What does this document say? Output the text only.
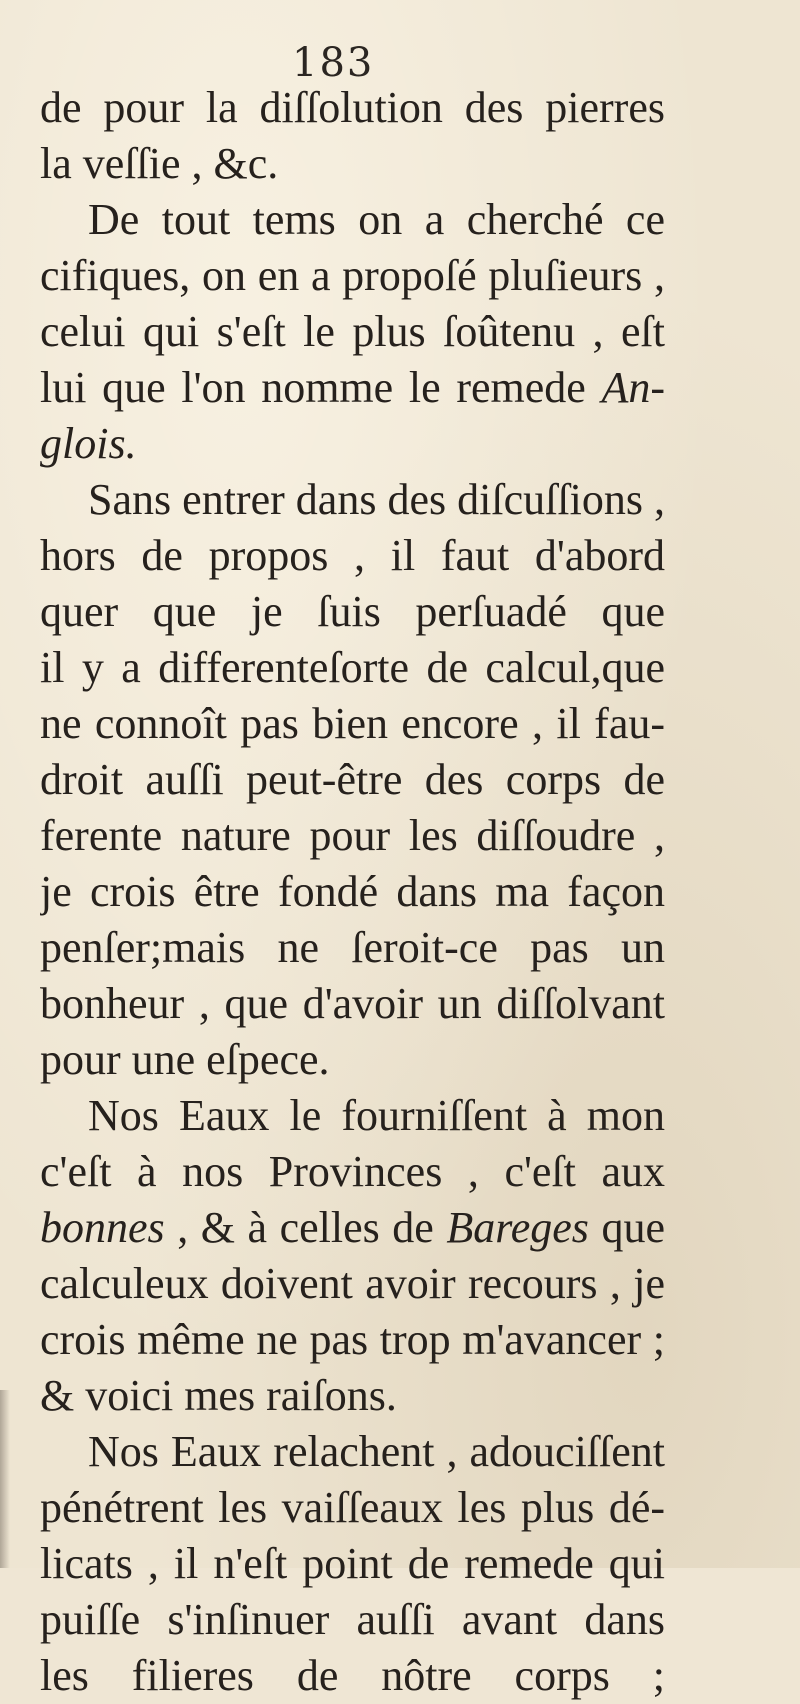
183
de pour la diſſolution des pierres
la veſſie , &c.
De tout tems on a cherché ce
cifiques, on en a propoſé pluſieurs ,
celui qui s'eſt le plus ſoûtenu , eſt
lui que l'on nomme le remede An-
glois.
Sans entrer dans des diſcuſſions ,
hors de propos , il faut d'abord
quer que je ſuis perſuadé que
il y a differenteſorte de calcul,que
ne connoît pas bien encore , il fau-
droit auſſi peut-être des corps de
ferente nature pour les diſſoudre ,
je crois être fondé dans ma façon
penſer;mais ne ſeroit-ce pas un
bonheur , que d'avoir un diſſolvant
pour une eſpece.
Nos Eaux le fourniſſent à mon
c'eſt à nos Provinces , c'eſt aux
bonnes , & à celles de Bareges que
calculeux doivent avoir recours , je
crois même ne pas trop m'avancer ;
& voici mes raiſons.
Nos Eaux relachent , adouciſſent
pénétrent les vaiſſeaux les plus dé-
licats , il n'eſt point de remede qui
puiſſe s'inſinuer auſſi avant dans
les filieres de nôtre corps ;
